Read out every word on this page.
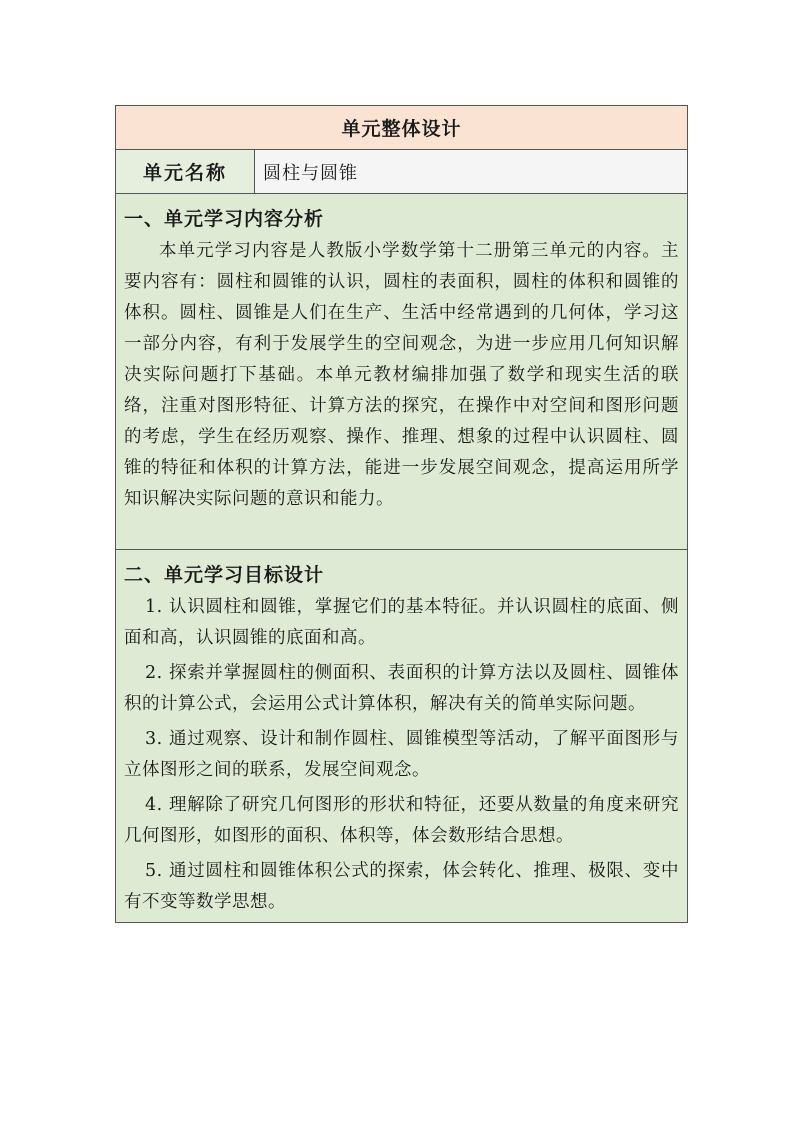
单元整体设计
单元名称	圆柱与圆锥
一、单元学习内容分析
本单元学习内容是人教版小学数学第十二册第三单元的内容。主要内容有：圆柱和圆锥的认识，圆柱的表面积，圆柱的体积和圆锥的体积。圆柱、圆锥是人们在生产、生活中经常遇到的几何体，学习这一部分内容，有利于发展学生的空间观念，为进一步应用几何知识解决实际问题打下基础。本单元教材编排加强了数学和现实生活的联络，注重对图形特征、计算方法的探究，在操作中对空间和图形问题的考虑，学生在经历观察、操作、推理、想象的过程中认识圆柱、圆锥的特征和体积的计算方法，能进一步发展空间观念，提高运用所学知识解决实际问题的意识和能力。
二、单元学习目标设计
1. 认识圆柱和圆锥，掌握它们的基本特征。并认识圆柱的底面、侧面和高，认识圆锥的底面和高。
2. 探索并掌握圆柱的侧面积、表面积的计算方法以及圆柱、圆锥体积的计算公式，会运用公式计算体积，解决有关的简单实际问题。
3. 通过观察、设计和制作圆柱、圆锥模型等活动，了解平面图形与立体图形之间的联系，发展空间观念。
4. 理解除了研究几何图形的形状和特征，还要从数量的角度来研究几何图形，如图形的面积、体积等，体会数形结合思想。
5. 通过圆柱和圆锥体积公式的探索，体会转化、推理、极限、变中有不变等数学思想。
